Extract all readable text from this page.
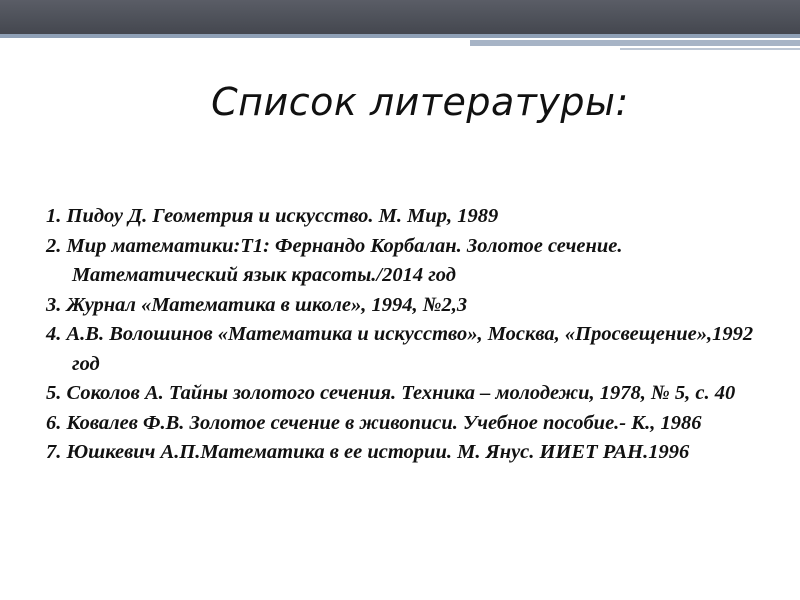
Список литературы:
1. Пидоу Д. Геометрия и искусство. М. Мир, 1989
2. Мир математики:Т1: Фернандо Корбалан. Золотое сечение. Математический язык красоты./2014 год
3. Журнал «Математика в школе», 1994, №2,3
4. А.В. Волошинов «Математика и искусство», Москва, «Просвещение»,1992 год
5. Соколов А. Тайны золотого сечения. Техника – молодежи, 1978, № 5, с. 40
6. Ковалев Ф.В. Золотое сечение в живописи. Учебное пособие.- К., 1986
7. Юшкевич А.П.Математика в ее истории. М. Янус. ИИЕТ РАН.1996
